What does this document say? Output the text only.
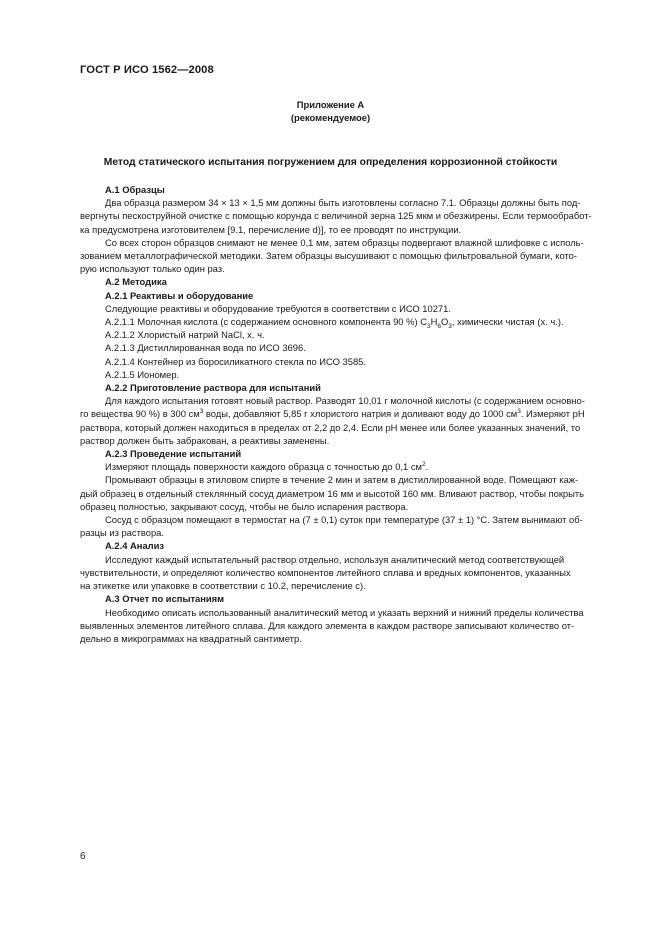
ГОСТ Р ИСО 1562—2008
Приложение А
(рекомендуемое)
Метод статического испытания погружением для определения коррозионной стойкости

А.1 Образцы

Два образца размером 34 × 13 × 1,5 мм должны быть изготовлены согласно 7.1. Образцы должны быть под-

вергнуты пескоструйной очистке с помощью корунда с величиной зерна 125 мкм и обезжирены. Если термообработ-

ка предусмотрена изготовителем [9.1, перечисление d)], то ее проводят по инструкции.

Со всех сторон образцов снимают не менее 0,1 мм, затем образцы подвергают влажной шлифовке с исполь-

зованием металлографической методики. Затем образцы высушивают с помощью фильтровальной бумаги, кото-

рую используют только один раз.

А.2 Методика

А.2.1 Реактивы и оборудование

Следующие реактивы и оборудование требуются в соответствии с ИСО 10271.

А.2.1.1 Молочная кислота (с содержанием основного компонента 90 %) $C_3H_6O_3$, химически чистая (х. ч.).

А.2.1.2 Хлористый натрий NaCl, х. ч.

А.2.1.3 Дистиллированная вода по ИСО 3696.

А.2.1.4 Контейнер из боросиликатного стекла по ИСО 3585.

А.2.1.5 Иономер.

А.2.2 Приготовление раствора для испытаний

Для каждого испытания готовят новый раствор. Разводят 10,01 г молочной кислоты (с содержанием основно-

го вещества 90 %) в 300 $см^3$ воды, добавляют 5,85 г хлористого натрия и доливают воду до 1000 $см^3$. Измеряют pH

раствора, который должен находиться в пределах от 2,2 до 2,4. Если pH менее или более указанных значений, то

раствор должен быть забракован, а реактивы заменены.

А.2.3 Проведение испытаний

Измеряют площадь поверхности каждого образца с точностью до 0,1 $см^2$.

Промывают образцы в этиловом спирте в течение 2 мин и затем в дистиллированной воде. Помещают каж-

дый образец в отдельный стеклянный сосуд диаметром 16 мм и высотой 160 мм. Вливают раствор, чтобы покрыть

образец полностью, закрывают сосуд, чтобы не было испарения раствора.

Сосуд с образцом помещают в термостат на (7 ± 0,1) суток при температуре (37 ± 1) °С. Затем вынимают об-

разцы из раствора.

А.2.4 Анализ

Исследуют каждый испытательный раствор отдельно, используя аналитический метод соответствующей

чувствительности, и определяют количество компонентов литейного сплава и вредных компонентов, указанных

на этикетке или упаковке в соответствии с 10.2, перечисление с).

А.3 Отчет по испытаниям

Необходимо описать использованный аналитический метод и указать верхний и нижний пределы количества

выявленных элементов литейного сплава. Для каждого элемента в каждом растворе записывают количество от-

дельно в микрограммах на квадратный сантиметр.

6
